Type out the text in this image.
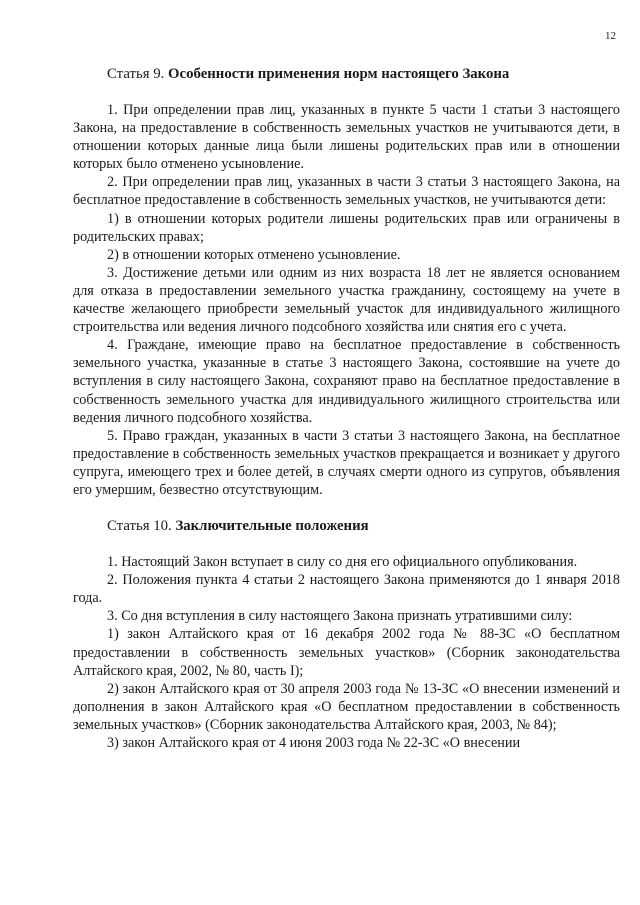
12
Статья 9. Особенности применения норм настоящего Закона

1. При определении прав лиц, указанных в пункте 5 части 1 статьи 3 настоящего Закона, на предоставление в собственность земельных участков не учитываются дети, в отношении которых данные лица были лишены родительских прав или в отношении которых было отменено усыновление.

2. При определении прав лиц, указанных в части 3 статьи 3 настоящего Закона, на бесплатное предоставление в собственность земельных участков, не учитываются дети:

1) в отношении которых родители лишены родительских прав или ограничены в родительских правах;

2) в отношении которых отменено усыновление.

3. Достижение детьми или одним из них возраста 18 лет не является основанием для отказа в предоставлении земельного участка гражданину, состоящему на учете в качестве желающего приобрести земельный участок для индивидуального жилищного строительства или ведения личного подсобного хозяйства или снятия его с учета.

4. Граждане, имеющие право на бесплатное предоставление в собственность земельного участка, указанные в статье 3 настоящего Закона, состоявшие на учете до вступления в силу настоящего Закона, сохраняют право на бесплатное предоставление в собственность земельного участка для индивидуального жилищного строительства или ведения личного подсобного хозяйства.

5. Право граждан, указанных в части 3 статьи 3 настоящего Закона, на бесплатное предоставление в собственность земельных участков прекращается и возникает у другого супруга, имеющего трех и более детей, в случаях смерти одного из супругов, объявления его умершим, безвестно отсутствующим.

Статья 10. Заключительные положения

1. Настоящий Закон вступает в силу со дня его официального опубликования.

2. Положения пункта 4 статьи 2 настоящего Закона применяются до 1 января 2018 года.

3. Со дня вступления в силу настоящего Закона признать утратившими силу:

1) закон Алтайского края от 16 декабря 2002 года № 88-ЗС «О бесплатном предоставлении в собственность земельных участков» (Сборник законодательства Алтайского края, 2002, № 80, часть I);

2) закон Алтайского края от 30 апреля 2003 года № 13-ЗС «О внесении изменений и дополнения в закон Алтайского края «О бесплатном предоставлении в собственность земельных участков» (Сборник законодательства Алтайского края, 2003, № 84);

3) закон Алтайского края от 4 июня 2003 года № 22-ЗС «О внесении
